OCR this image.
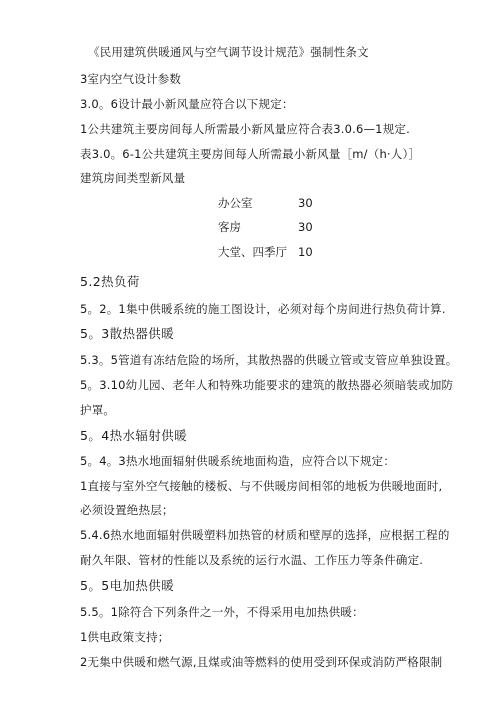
《民用建筑供暖通风与空气调节设计规范》强制性条文
3室内空气设计参数
3.0。6设计最小新风量应符合以下规定：
1公共建筑主要房间每人所需最小新风量应符合表3.0.6—1规定.
表3.0。6-1公共建筑主要房间每人所需最小新风量［m/（h·人）］
建筑房间类型新风量
办公室	30
客房	30
大堂、四季厅 10
5.2热负荷
5。2。1集中供暖系统的施工图设计，必须对每个房间进行热负荷计算.
5。3散热器供暖
5.3。5管道有冻结危险的场所，其散热器的供暖立管或支管应单独设置。
5。3.10幼儿园、老年人和特殊功能要求的建筑的散热器必须暗装或加防
护罩。
5。4热水辐射供暖
5。4。3热水地面辐射供暖系统地面构造，应符合以下规定：
1直接与室外空气接触的楼板、与不供暖房间相邻的地板为供暖地面时,
必须设置绝热层；
5.4.6热水地面辐射供暖塑料加热管的材质和壁厚的选择，应根据工程的
耐久年限、管材的性能以及系统的运行水温、工作压力等条件确定.
5。5电加热供暖
5.5。1除符合下列条件之一外，不得采用电加热供暖：
1供电政策支持；
2无集中供暖和燃气源,且煤或油等燃料的使用受到环保或消防严格限制
